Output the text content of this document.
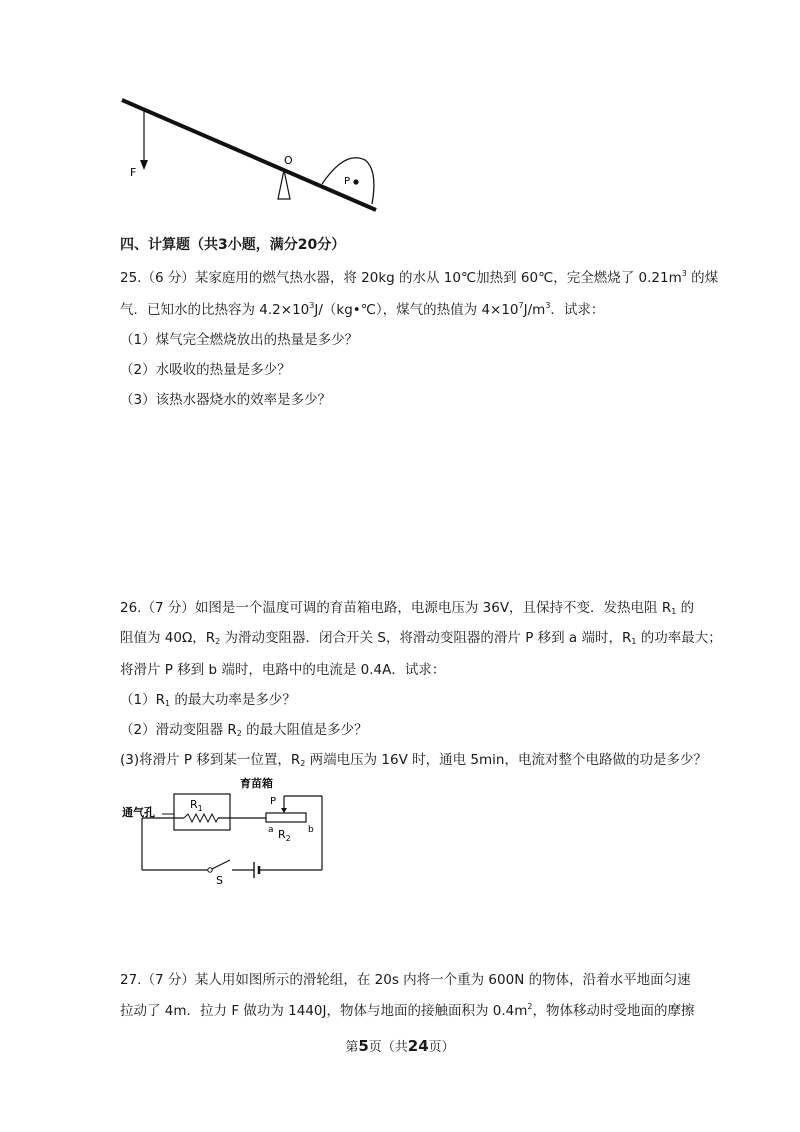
F
O
P
四、计算题（共3小题，满分20分）
25.（6 分）某家庭用的燃气热水器，将 20kg 的水从 10℃加热到 60℃，完全燃烧了 $0.21m^3$ 的煤
气．已知水的比热容为 $4.2\times 10^3J/(kg•℃)$，煤气的热值为 $4\times 10^7J/m^3$．试求：
（1）煤气完全燃烧放出的热量是多少？
（2）水吸收的热量是多少？
（3）该热水器烧水的效率是多少？
26.（7 分）如图是一个温度可调的育苗箱电路，电源电压为 36V，且保持不变．发热电阻 $R_1$ 的
阻值为 40Ω，$R_2$ 为滑动变阻器．闭合开关 S，将滑动变阻器的滑片 P 移到 a 端时，$R_1$ 的功率最大；
将滑片 P 移到 b 端时，电路中的电流是 0.4A．试求：
$(1)R_1$ 的最大功率是多少？
（2）滑动变阻器 $R_2$ 的最大阻值是多少？
(3)将滑片 P 移到某一位置，$R_2$ 两端电压为 16V 时，通电 5min，电流对整个电路做的功是多少？
育苗箱
通气孔
$R_1$
P
a	b
$R_2$
S
27.（7 分）某人用如图所示的滑轮组，在 20s 内将一个重为 600N 的物体，沿着水平地面匀速
拉动了 4m．拉力 F 做功为 1440J，物体与地面的接触面积为 $0.4m^2$，物体移动时受地面的摩擦
第5页（共24页）
